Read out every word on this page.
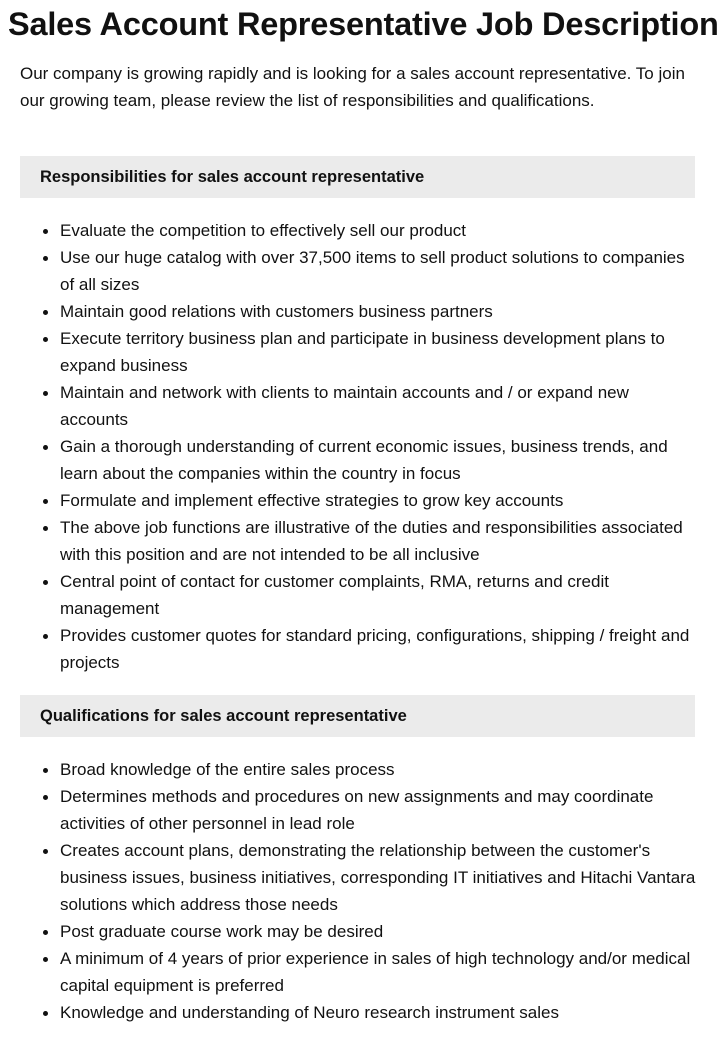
Sales Account Representative Job Description

Our company is growing rapidly and is looking for a sales account representative. To join our growing team, please review the list of responsibilities and qualifications.

Responsibilities for sales account representative
Evaluate the competition to effectively sell our product
Use our huge catalog with over 37,500 items to sell product solutions to companies of all sizes
Maintain good relations with customers business partners
Execute territory business plan and participate in business development plans to expand business
Maintain and network with clients to maintain accounts and / or expand new accounts
Gain a thorough understanding of current economic issues, business trends, and learn about the companies within the country in focus
Formulate and implement effective strategies to grow key accounts
The above job functions are illustrative of the duties and responsibilities associated with this position and are not intended to be all inclusive
Central point of contact for customer complaints, RMA, returns and credit management
Provides customer quotes for standard pricing, configurations, shipping / freight and projects
Qualifications for sales account representative
Broad knowledge of the entire sales process
Determines methods and procedures on new assignments and may coordinate activities of other personnel in lead role
Creates account plans, demonstrating the relationship between the customer's business issues, business initiatives, corresponding IT initiatives and Hitachi Vantara solutions which address those needs
Post graduate course work may be desired
A minimum of 4 years of prior experience in sales of high technology and/or medical capital equipment is preferred
Knowledge and understanding of Neuro research instrument sales
